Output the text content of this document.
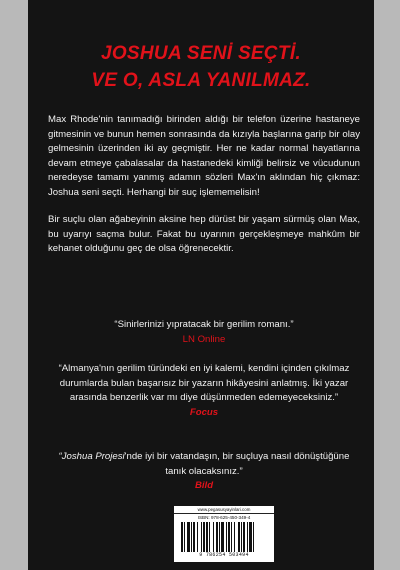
JOSHUA SENİ SEÇTİ.
VE O, ASLA YANILMAZ.

Max Rhode'nin tanımadığı birinden aldığı bir telefon üzerine hastaneye gitmesinin ve bunun hemen sonrasında da kızıyla başlarına garip bir olay gelmesinin üzerinden iki ay geçmiştir. Her ne kadar normal hayatlarına devam etmeye çabalasalar da hastanedeki kimliği belirsiz ve vücudunun neredeyse tamamı yanmış adamın sözleri Max'ın aklından hiç çıkmaz: Joshua seni seçti. Herhangi bir suç işlememelisin!

Bir suçlu olan ağabeyinin aksine hep dürüst bir yaşam sürmüş olan Max, bu uyarıyı saçma bulur. Fakat bu uyarının gerçekleşmeye mahkûm bir kehanet olduğunu geç de olsa öğrenecektir.

“Sinirlerinizi yıpratacak bir gerilim romanı.”
LN Online
“Almanya'nın gerilim türündeki en iyi kalemi, kendini içinden çıkılmaz durumlarda bulan başarısız bir yazarın hikâyesini anlatmış. İki yazar arasında benzerlik var mı diye düşünmeden edemeyeceksiniz.”
Focus
“Joshua Projesi'nde iyi bir vatandaşın, bir suçluya nasıl dönüştüğüne tanık olacaksınız.”
Bild
www.pegasusyayinlari.com
ISBN: 978-625-450-349-4
9 786254 503494
